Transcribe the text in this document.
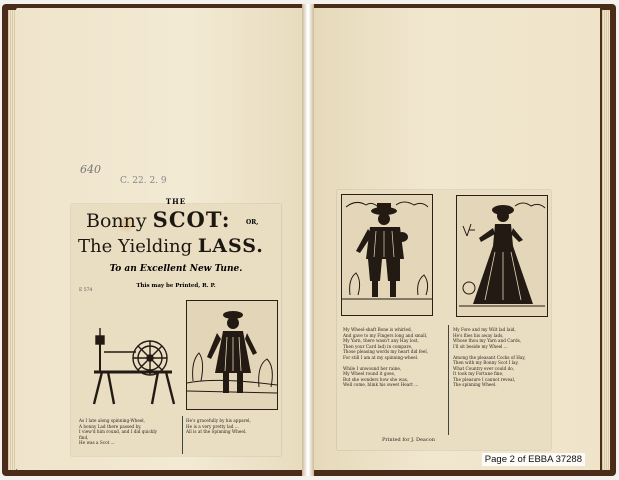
640
C. 22. 2. 9
THE
Bonny SCOT:	OR,
The Yielding LASS.
To an Excellent New Tune.
This may be Printed, R. P.
E 574
As I late along spinning-Wheel,
A bonny Lad there passed by,
I view'd him round, and I did quickly
find,
He was a Scot ...
He's gracefully by his apparel,
He is a very pretty lad ...
All is at the Spinning Wheel.
My Wheel-shaft Bone is whirled,
And gave to my Fingers long and small,
My Yarn, there wasn't any Hay lost,
Then your Card lad) in compare,
Those pleasing words my heart did feel,
For still I am at my spinning-wheel.

While I unwound her raine,
My Wheel round it goes,
But she wonders how she was,
Well come, blink his sweet Heart ...
My Fore and my Wilt lad laid,
He's flies his away lads,
Whose thou my Yarn and Cards,
I'll sit beside my Wheel ...

Among the pleasant Cocks of Hay,
Then with my Bonny Scot I lay,
What Country ever could do,
It took my Fortune fine,
The pleasure I cannot reveal,
The spinning Wheel.
Printed for J. Deacon
Page 2 of EBBA 37288
